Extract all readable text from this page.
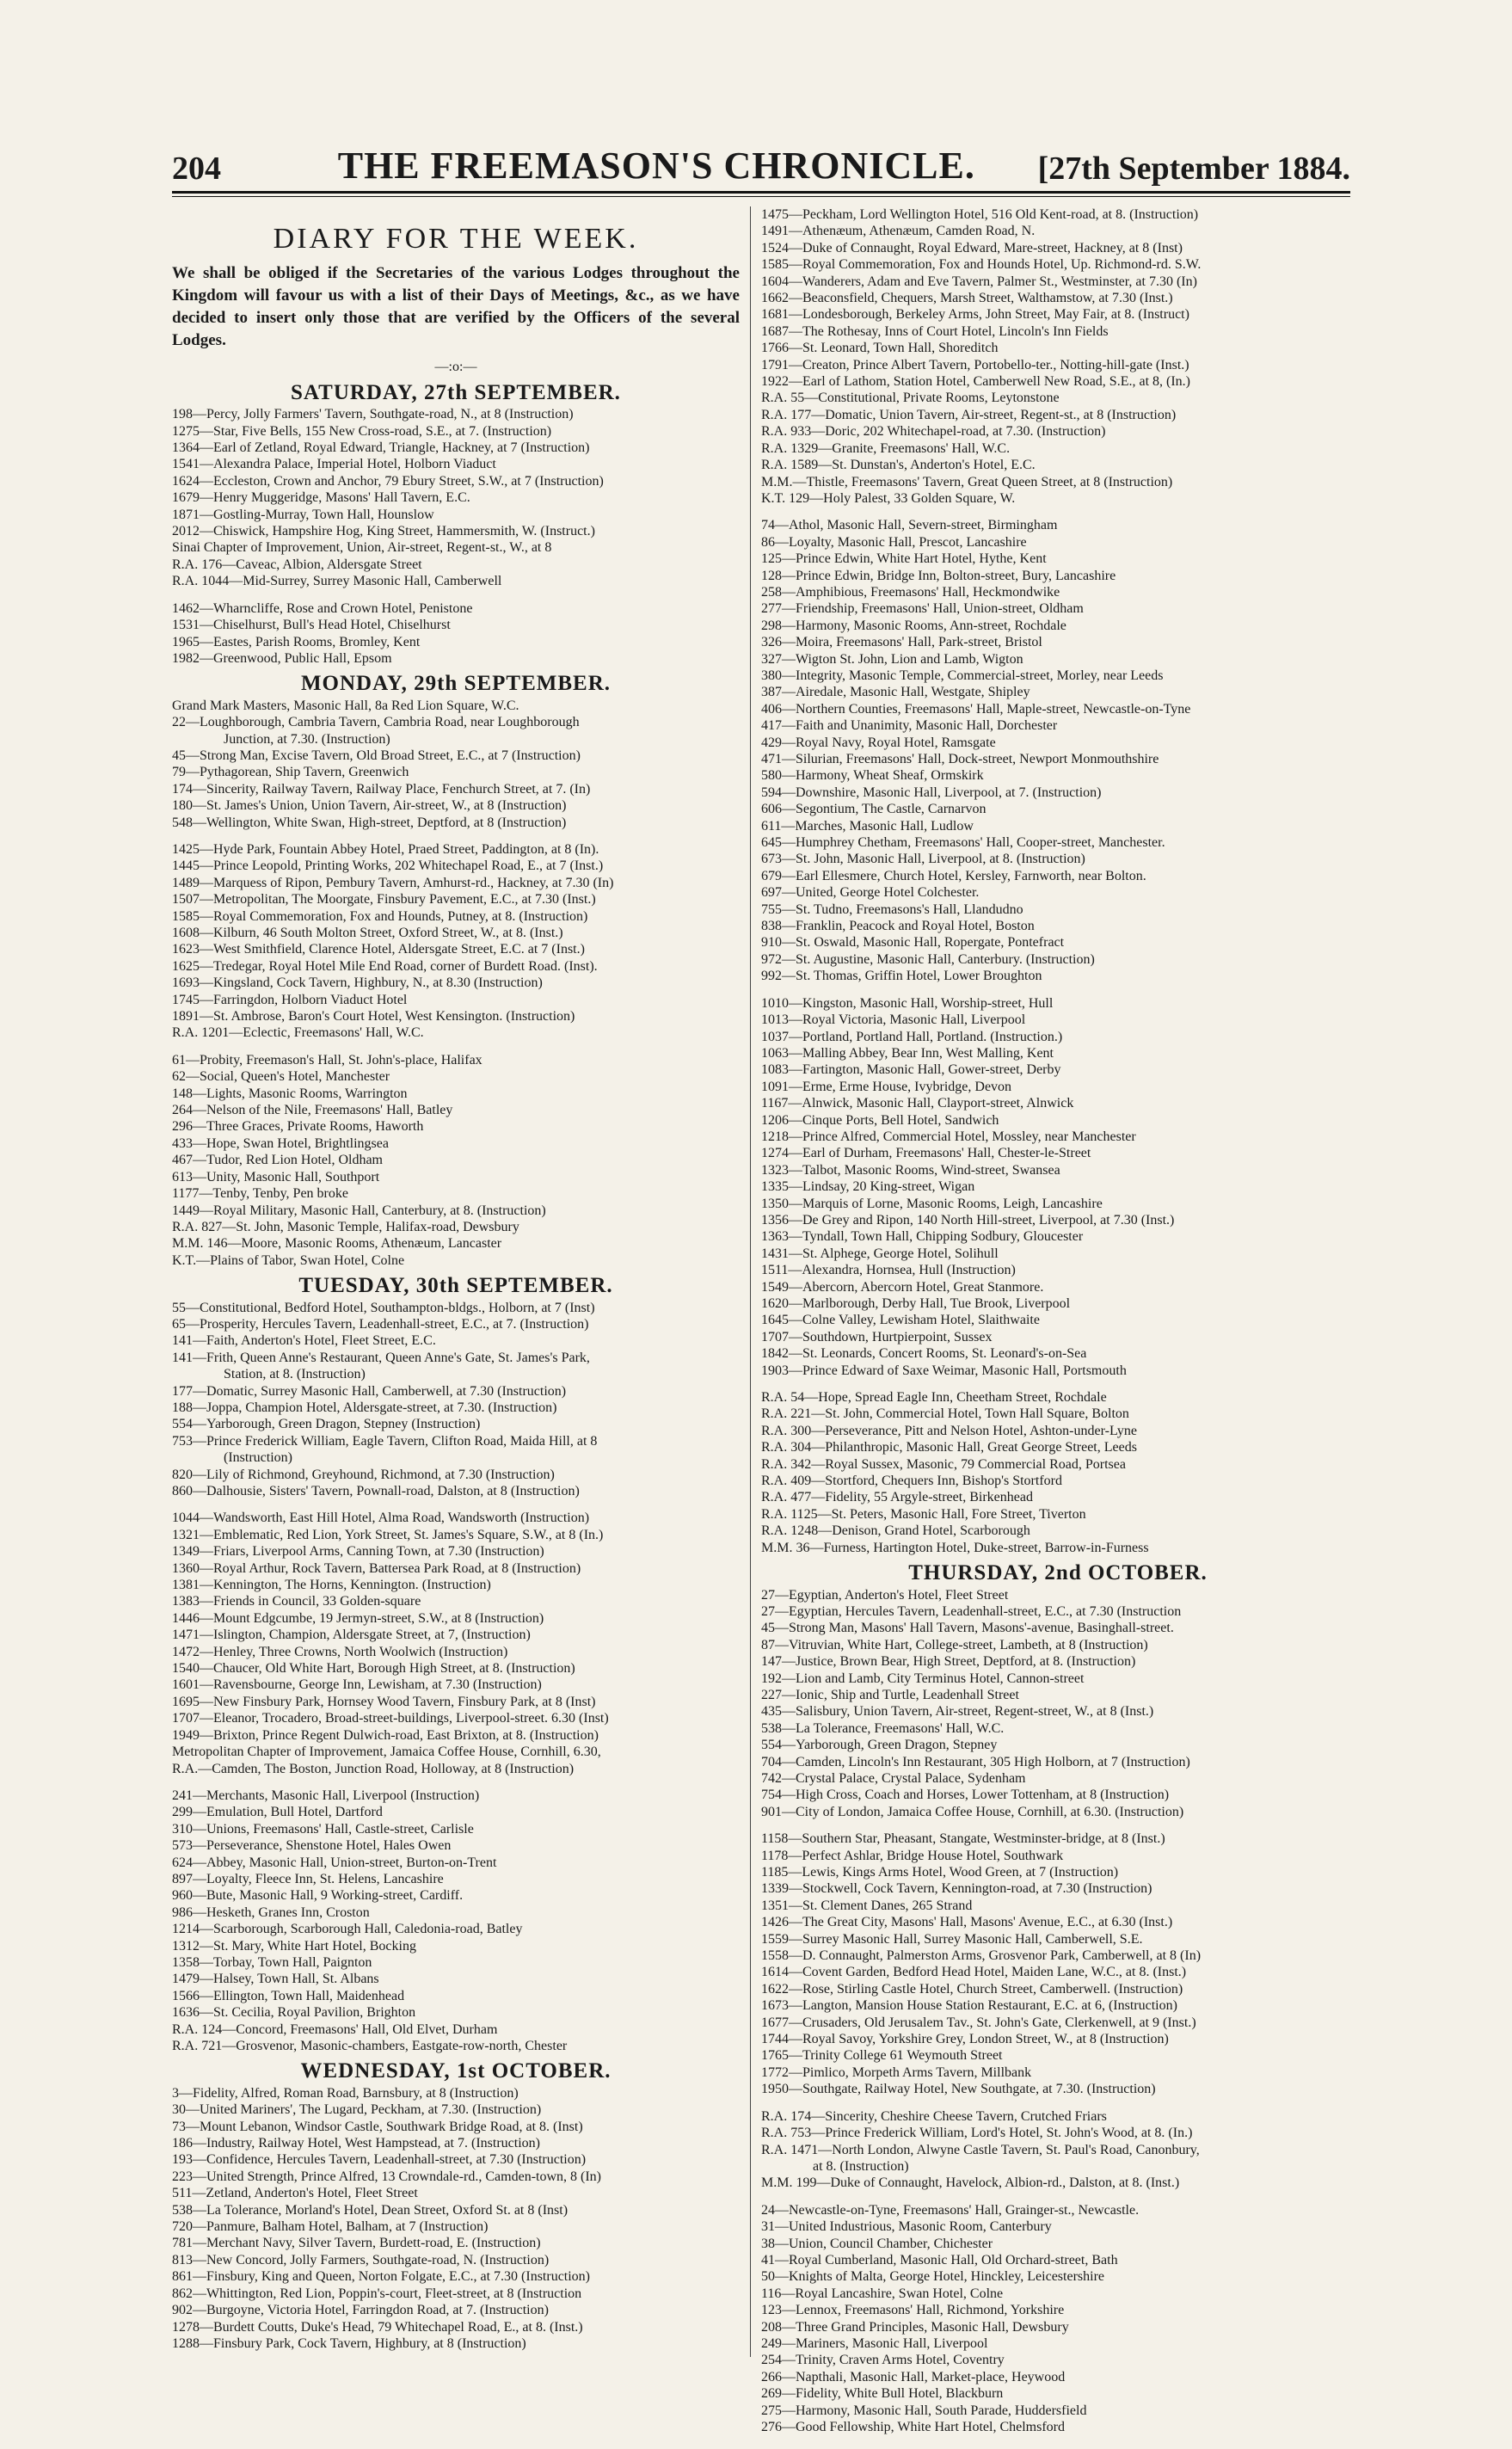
204	THE FREEMASON'S CHRONICLE.	[27th September 1884.
DIARY FOR THE WEEK.

We shall be obliged if the Secretaries of the various Lodges throughout the Kingdom will favour us with a list of their Days of Meetings, &c., as we have decided to insert only those that are verified by the Officers of the several Lodges.

—:o:—
SATURDAY, 27th SEPTEMBER.
198—Percy, Jolly Farmers' Tavern, Southgate-road, N., at 8 (Instruction)
1275—Star, Five Bells, 155 New Cross-road, S.E., at 7. (Instruction)
1364—Earl of Zetland, Royal Edward, Triangle, Hackney, at 7 (Instruction)
1541—Alexandra Palace, Imperial Hotel, Holborn Viaduct
1624—Eccleston, Crown and Anchor, 79 Ebury Street, S.W., at 7 (Instruction)
1679—Henry Muggeridge, Masons' Hall Tavern, E.C.
1871—Gostling-Murray, Town Hall, Hounslow
2012—Chiswick, Hampshire Hog, King Street, Hammersmith, W. (Instruct.)
Sinai Chapter of Improvement, Union, Air-street, Regent-st., W., at 8
R.A. 176—Caveac, Albion, Aldersgate Street
R.A. 1044—Mid-Surrey, Surrey Masonic Hall, Camberwell
1462—Wharncliffe, Rose and Crown Hotel, Penistone
1531—Chiselhurst, Bull's Head Hotel, Chiselhurst
1965—Eastes, Parish Rooms, Bromley, Kent
1982—Greenwood, Public Hall, Epsom
MONDAY, 29th SEPTEMBER.
Grand Mark Masters, Masonic Hall, 8a Red Lion Square, W.C.
22—Loughborough, Cambria Tavern, Cambria Road, near Loughborough
Junction, at 7.30. (Instruction)
45—Strong Man, Excise Tavern, Old Broad Street, E.C., at 7 (Instruction)
79—Pythagorean, Ship Tavern, Greenwich
174—Sincerity, Railway Tavern, Railway Place, Fenchurch Street, at 7. (In)
180—St. James's Union, Union Tavern, Air-street, W., at 8 (Instruction)
548—Wellington, White Swan, High-street, Deptford, at 8 (Instruction)
1425—Hyde Park, Fountain Abbey Hotel, Praed Street, Paddington, at 8 (In).
1445—Prince Leopold, Printing Works, 202 Whitechapel Road, E., at 7 (Inst.)
1489—Marquess of Ripon, Pembury Tavern, Amhurst-rd., Hackney, at 7.30 (In)
1507—Metropolitan, The Moorgate, Finsbury Pavement, E.C., at 7.30 (Inst.)
1585—Royal Commemoration, Fox and Hounds, Putney, at 8. (Instruction)
1608—Kilburn, 46 South Molton Street, Oxford Street, W., at 8. (Inst.)
1623—West Smithfield, Clarence Hotel, Aldersgate Street, E.C. at 7 (Inst.)
1625—Tredegar, Royal Hotel Mile End Road, corner of Burdett Road. (Inst).
1693—Kingsland, Cock Tavern, Highbury, N., at 8.30 (Instruction)
1745—Farringdon, Holborn Viaduct Hotel
1891—St. Ambrose, Baron's Court Hotel, West Kensington. (Instruction)
R.A. 1201—Eclectic, Freemasons' Hall, W.C.
61—Probity, Freemason's Hall, St. John's-place, Halifax
62—Social, Queen's Hotel, Manchester
148—Lights, Masonic Rooms, Warrington
264—Nelson of the Nile, Freemasons' Hall, Batley
296—Three Graces, Private Rooms, Haworth
433—Hope, Swan Hotel, Brightlingsea
467—Tudor, Red Lion Hotel, Oldham
613—Unity, Masonic Hall, Southport
1177—Tenby, Tenby, Pen broke
1449—Royal Military, Masonic Hall, Canterbury, at 8. (Instruction)
R.A. 827—St. John, Masonic Temple, Halifax-road, Dewsbury
M.M. 146—Moore, Masonic Rooms, Athenæum, Lancaster
K.T.—Plains of Tabor, Swan Hotel, Colne
TUESDAY, 30th SEPTEMBER.
55—Constitutional, Bedford Hotel, Southampton-bldgs., Holborn, at 7 (Inst)
65—Prosperity, Hercules Tavern, Leadenhall-street, E.C., at 7. (Instruction)
141—Faith, Anderton's Hotel, Fleet Street, E.C.
141—Frith, Queen Anne's Restaurant, Queen Anne's Gate, St. James's Park,
Station, at 8. (Instruction)
177—Domatic, Surrey Masonic Hall, Camberwell, at 7.30 (Instruction)
188—Joppa, Champion Hotel, Aldersgate-street, at 7.30. (Instruction)
554—Yarborough, Green Dragon, Stepney (Instruction)
753—Prince Frederick William, Eagle Tavern, Clifton Road, Maida Hill, at 8
(Instruction)
820—Lily of Richmond, Greyhound, Richmond, at 7.30 (Instruction)
860—Dalhousie, Sisters' Tavern, Pownall-road, Dalston, at 8 (Instruction)
1044—Wandsworth, East Hill Hotel, Alma Road, Wandsworth (Instruction)
1321—Emblematic, Red Lion, York Street, St. James's Square, S.W., at 8 (In.)
1349—Friars, Liverpool Arms, Canning Town, at 7.30 (Instruction)
1360—Royal Arthur, Rock Tavern, Battersea Park Road, at 8 (Instruction)
1381—Kennington, The Horns, Kennington. (Instruction)
1383—Friends in Council, 33 Golden-square
1446—Mount Edgcumbe, 19 Jermyn-street, S.W., at 8 (Instruction)
1471—Islington, Champion, Aldersgate Street, at 7, (Instruction)
1472—Henley, Three Crowns, North Woolwich (Instruction)
1540—Chaucer, Old White Hart, Borough High Street, at 8. (Instruction)
1601—Ravensbourne, George Inn, Lewisham, at 7.30 (Instruction)
1695—New Finsbury Park, Hornsey Wood Tavern, Finsbury Park, at 8 (Inst)
1707—Eleanor, Trocadero, Broad-street-buildings, Liverpool-street. 6.30 (Inst)
1949—Brixton, Prince Regent Dulwich-road, East Brixton, at 8. (Instruction)
Metropolitan Chapter of Improvement, Jamaica Coffee House, Cornhill, 6.30,
R.A.—Camden, The Boston, Junction Road, Holloway, at 8 (Instruction)
241—Merchants, Masonic Hall, Liverpool (Instruction)
299—Emulation, Bull Hotel, Dartford
310—Unions, Freemasons' Hall, Castle-street, Carlisle
573—Perseverance, Shenstone Hotel, Hales Owen
624—Abbey, Masonic Hall, Union-street, Burton-on-Trent
897—Loyalty, Fleece Inn, St. Helens, Lancashire
960—Bute, Masonic Hall, 9 Working-street, Cardiff.
986—Hesketh, Granes Inn, Croston
1214—Scarborough, Scarborough Hall, Caledonia-road, Batley
1312—St. Mary, White Hart Hotel, Bocking
1358—Torbay, Town Hall, Paignton
1479—Halsey, Town Hall, St. Albans
1566—Ellington, Town Hall, Maidenhead
1636—St. Cecilia, Royal Pavilion, Brighton
R.A. 124—Concord, Freemasons' Hall, Old Elvet, Durham
R.A. 721—Grosvenor, Masonic-chambers, Eastgate-row-north, Chester
WEDNESDAY, 1st OCTOBER.
3—Fidelity, Alfred, Roman Road, Barnsbury, at 8 (Instruction)
30—United Mariners', The Lugard, Peckham, at 7.30. (Instruction)
73—Mount Lebanon, Windsor Castle, Southwark Bridge Road, at 8. (Inst)
186—Industry, Railway Hotel, West Hampstead, at 7. (Instruction)
193—Confidence, Hercules Tavern, Leadenhall-street, at 7.30 (Instruction)
223—United Strength, Prince Alfred, 13 Crowndale-rd., Camden-town, 8 (In)
511—Zetland, Anderton's Hotel, Fleet Street
538—La Tolerance, Morland's Hotel, Dean Street, Oxford St. at 8 (Inst)
720—Panmure, Balham Hotel, Balham, at 7 (Instruction)
781—Merchant Navy, Silver Tavern, Burdett-road, E. (Instruction)
813—New Concord, Jolly Farmers, Southgate-road, N. (Instruction)
861—Finsbury, King and Queen, Norton Folgate, E.C., at 7.30 (Instruction)
862—Whittington, Red Lion, Poppin's-court, Fleet-street, at 8 (Instruction
902—Burgoyne, Victoria Hotel, Farringdon Road, at 7. (Instruction)
1278—Burdett Coutts, Duke's Head, 79 Whitechapel Road, E., at 8. (Inst.)
1288—Finsbury Park, Cock Tavern, Highbury, at 8 (Instruction)
1475—Peckham, Lord Wellington Hotel, 516 Old Kent-road, at 8. (Instruction)
1491—Athenæum, Athenæum, Camden Road, N.
1524—Duke of Connaught, Royal Edward, Mare-street, Hackney, at 8 (Inst)
1585—Royal Commemoration, Fox and Hounds Hotel, Up. Richmond-rd. S.W.
1604—Wanderers, Adam and Eve Tavern, Palmer St., Westminster, at 7.30 (In)
1662—Beaconsfield, Chequers, Marsh Street, Walthamstow, at 7.30 (Inst.)
1681—Londesborough, Berkeley Arms, John Street, May Fair, at 8. (Instruct)
1687—The Rothesay, Inns of Court Hotel, Lincoln's Inn Fields
1766—St. Leonard, Town Hall, Shoreditch
1791—Creaton, Prince Albert Tavern, Portobello-ter., Notting-hill-gate (Inst.)
1922—Earl of Lathom, Station Hotel, Camberwell New Road, S.E., at 8, (In.)
R.A. 55—Constitutional, Private Rooms, Leytonstone
R.A. 177—Domatic, Union Tavern, Air-street, Regent-st., at 8 (Instruction)
R.A. 933—Doric, 202 Whitechapel-road, at 7.30. (Instruction)
R.A. 1329—Granite, Freemasons' Hall, W.C.
R.A. 1589—St. Dunstan's, Anderton's Hotel, E.C.
M.M.—Thistle, Freemasons' Tavern, Great Queen Street, at 8 (Instruction)
K.T. 129—Holy Palest, 33 Golden Square, W.
74—Athol, Masonic Hall, Severn-street, Birmingham
86—Loyalty, Masonic Hall, Prescot, Lancashire
125—Prince Edwin, White Hart Hotel, Hythe, Kent
128—Prince Edwin, Bridge Inn, Bolton-street, Bury, Lancashire
258—Amphibious, Freemasons' Hall, Heckmondwike
277—Friendship, Freemasons' Hall, Union-street, Oldham
298—Harmony, Masonic Rooms, Ann-street, Rochdale
326—Moira, Freemasons' Hall, Park-street, Bristol
327—Wigton St. John, Lion and Lamb, Wigton
380—Integrity, Masonic Temple, Commercial-street, Morley, near Leeds
387—Airedale, Masonic Hall, Westgate, Shipley
406—Northern Counties, Freemasons' Hall, Maple-street, Newcastle-on-Tyne
417—Faith and Unanimity, Masonic Hall, Dorchester
429—Royal Navy, Royal Hotel, Ramsgate
471—Silurian, Freemasons' Hall, Dock-street, Newport Monmouthshire
580—Harmony, Wheat Sheaf, Ormskirk
594—Downshire, Masonic Hall, Liverpool, at 7. (Instruction)
606—Segontium, The Castle, Carnarvon
611—Marches, Masonic Hall, Ludlow
645—Humphrey Chetham, Freemasons' Hall, Cooper-street, Manchester.
673—St. John, Masonic Hall, Liverpool, at 8. (Instruction)
679—Earl Ellesmere, Church Hotel, Kersley, Farnworth, near Bolton.
697—United, George Hotel Colchester.
755—St. Tudno, Freemasons's Hall, Llandudno
838—Franklin, Peacock and Royal Hotel, Boston
910—St. Oswald, Masonic Hall, Ropergate, Pontefract
972—St. Augustine, Masonic Hall, Canterbury. (Instruction)
992—St. Thomas, Griffin Hotel, Lower Broughton
1010—Kingston, Masonic Hall, Worship-street, Hull
1013—Royal Victoria, Masonic Hall, Liverpool
1037—Portland, Portland Hall, Portland. (Instruction.)
1063—Malling Abbey, Bear Inn, West Malling, Kent
1083—Fartington, Masonic Hall, Gower-street, Derby
1091—Erme, Erme House, Ivybridge, Devon
1167—Alnwick, Masonic Hall, Clayport-street, Alnwick
1206—Cinque Ports, Bell Hotel, Sandwich
1218—Prince Alfred, Commercial Hotel, Mossley, near Manchester
1274—Earl of Durham, Freemasons' Hall, Chester-le-Street
1323—Talbot, Masonic Rooms, Wind-street, Swansea
1335—Lindsay, 20 King-street, Wigan
1350—Marquis of Lorne, Masonic Rooms, Leigh, Lancashire
1356—De Grey and Ripon, 140 North Hill-street, Liverpool, at 7.30 (Inst.)
1363—Tyndall, Town Hall, Chipping Sodbury, Gloucester
1431—St. Alphege, George Hotel, Solihull
1511—Alexandra, Hornsea, Hull (Instruction)
1549—Abercorn, Abercorn Hotel, Great Stanmore.
1620—Marlborough, Derby Hall, Tue Brook, Liverpool
1645—Colne Valley, Lewisham Hotel, Slaithwaite
1707—Southdown, Hurtpierpoint, Sussex
1842—St. Leonards, Concert Rooms, St. Leonard's-on-Sea
1903—Prince Edward of Saxe Weimar, Masonic Hall, Portsmouth
R.A. 54—Hope, Spread Eagle Inn, Cheetham Street, Rochdale
R.A. 221—St. John, Commercial Hotel, Town Hall Square, Bolton
R.A. 300—Perseverance, Pitt and Nelson Hotel, Ashton-under-Lyne
R.A. 304—Philanthropic, Masonic Hall, Great George Street, Leeds
R.A. 342—Royal Sussex, Masonic, 79 Commercial Road, Portsea
R.A. 409—Stortford, Chequers Inn, Bishop's Stortford
R.A. 477—Fidelity, 55 Argyle-street, Birkenhead
R.A. 1125—St. Peters, Masonic Hall, Fore Street, Tiverton
R.A. 1248—Denison, Grand Hotel, Scarborough
M.M. 36—Furness, Hartington Hotel, Duke-street, Barrow-in-Furness
THURSDAY, 2nd OCTOBER.
27—Egyptian, Anderton's Hotel, Fleet Street
27—Egyptian, Hercules Tavern, Leadenhall-street, E.C., at 7.30 (Instruction
45—Strong Man, Masons' Hall Tavern, Masons'-avenue, Basinghall-street.
87—Vitruvian, White Hart, College-street, Lambeth, at 8 (Instruction)
147—Justice, Brown Bear, High Street, Deptford, at 8. (Instruction)
192—Lion and Lamb, City Terminus Hotel, Cannon-street
227—Ionic, Ship and Turtle, Leadenhall Street
435—Salisbury, Union Tavern, Air-street, Regent-street, W., at 8 (Inst.)
538—La Tolerance, Freemasons' Hall, W.C.
554—Yarborough, Green Dragon, Stepney
704—Camden, Lincoln's Inn Restaurant, 305 High Holborn, at 7 (Instruction)
742—Crystal Palace, Crystal Palace, Sydenham
754—High Cross, Coach and Horses, Lower Tottenham, at 8 (Instruction)
901—City of London, Jamaica Coffee House, Cornhill, at 6.30. (Instruction)
1158—Southern Star, Pheasant, Stangate, Westminster-bridge, at 8 (Inst.)
1178—Perfect Ashlar, Bridge House Hotel, Southwark
1185—Lewis, Kings Arms Hotel, Wood Green, at 7 (Instruction)
1339—Stockwell, Cock Tavern, Kennington-road, at 7.30 (Instruction)
1351—St. Clement Danes, 265 Strand
1426—The Great City, Masons' Hall, Masons' Avenue, E.C., at 6.30 (Inst.)
1559—Surrey Masonic Hall, Surrey Masonic Hall, Camberwell, S.E.
1558—D. Connaught, Palmerston Arms, Grosvenor Park, Camberwell, at 8 (In)
1614—Covent Garden, Bedford Head Hotel, Maiden Lane, W.C., at 8. (Inst.)
1622—Rose, Stirling Castle Hotel, Church Street, Camberwell. (Instruction)
1673—Langton, Mansion House Station Restaurant, E.C. at 6, (Instruction)
1677—Crusaders, Old Jerusalem Tav., St. John's Gate, Clerkenwell, at 9 (Inst.)
1744—Royal Savoy, Yorkshire Grey, London Street, W., at 8 (Instruction)
1765—Trinity College 61 Weymouth Street
1772—Pimlico, Morpeth Arms Tavern, Millbank
1950—Southgate, Railway Hotel, New Southgate, at 7.30. (Instruction)
R.A. 174—Sincerity, Cheshire Cheese Tavern, Crutched Friars
R.A. 753—Prince Frederick William, Lord's Hotel, St. John's Wood, at 8. (In.)
R.A. 1471—North London, Alwyne Castle Tavern, St. Paul's Road, Canonbury,
at 8. (Instruction)
M.M. 199—Duke of Connaught, Havelock, Albion-rd., Dalston, at 8. (Inst.)
24—Newcastle-on-Tyne, Freemasons' Hall, Grainger-st., Newcastle.
31—United Industrious, Masonic Room, Canterbury
38—Union, Council Chamber, Chichester
41—Royal Cumberland, Masonic Hall, Old Orchard-street, Bath
50—Knights of Malta, George Hotel, Hinckley, Leicestershire
116—Royal Lancashire, Swan Hotel, Colne
123—Lennox, Freemasons' Hall, Richmond, Yorkshire
208—Three Grand Principles, Masonic Hall, Dewsbury
249—Mariners, Masonic Hall, Liverpool
254—Trinity, Craven Arms Hotel, Coventry
266—Napthali, Masonic Hall, Market-place, Heywood
269—Fidelity, White Bull Hotel, Blackburn
275—Harmony, Masonic Hall, South Parade, Huddersfield
276—Good Fellowship, White Hart Hotel, Chelmsford
